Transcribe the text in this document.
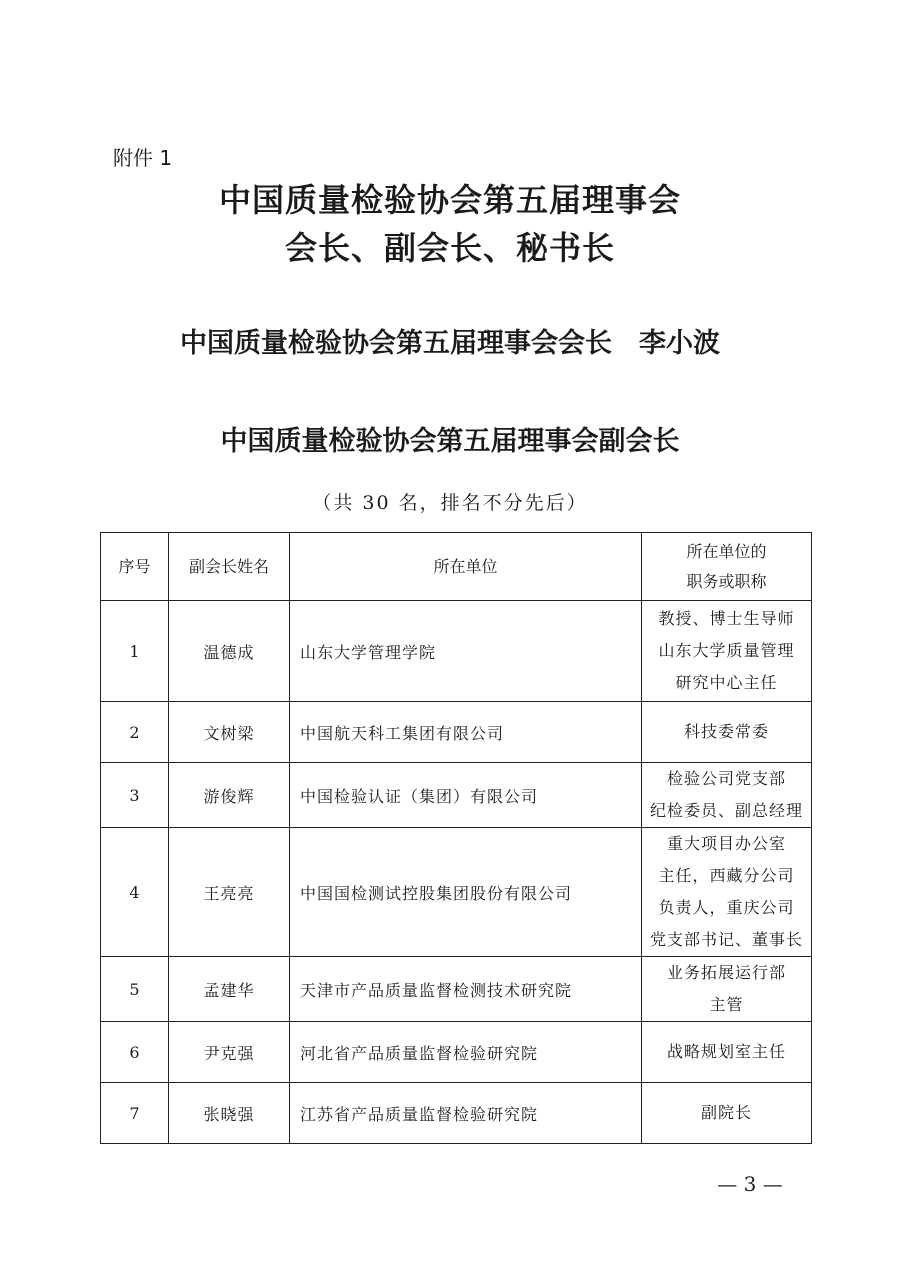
附件 1
中国质量检验协会第五届理事会
会长、副会长、秘书长
中国质量检验协会第五届理事会会长　李小波
中国质量检验协会第五届理事会副会长
（共 30 名，排名不分先后）
序号	副会长姓名	所在单位	所在单位的
职务或职称

1	温德成	山东大学管理学院	教授、博士生导师
山东大学质量管理
研究中心主任

2	文树梁	中国航天科工集团有限公司	科技委常委

3	游俊辉	中国检验认证（集团）有限公司	检验公司党支部
纪检委员、副总经理

4	王亮亮	中国国检测试控股集团股份有限公司	重大项目办公室
主任，西藏分公司
负责人，重庆公司
党支部书记、董事长

5	孟建华	天津市产品质量监督检测技术研究院	业务拓展运行部
主管

6	尹克强	河北省产品质量监督检验研究院	战略规划室主任

7	张晓强	江苏省产品质量监督检验研究院	副院长
— 3 —
